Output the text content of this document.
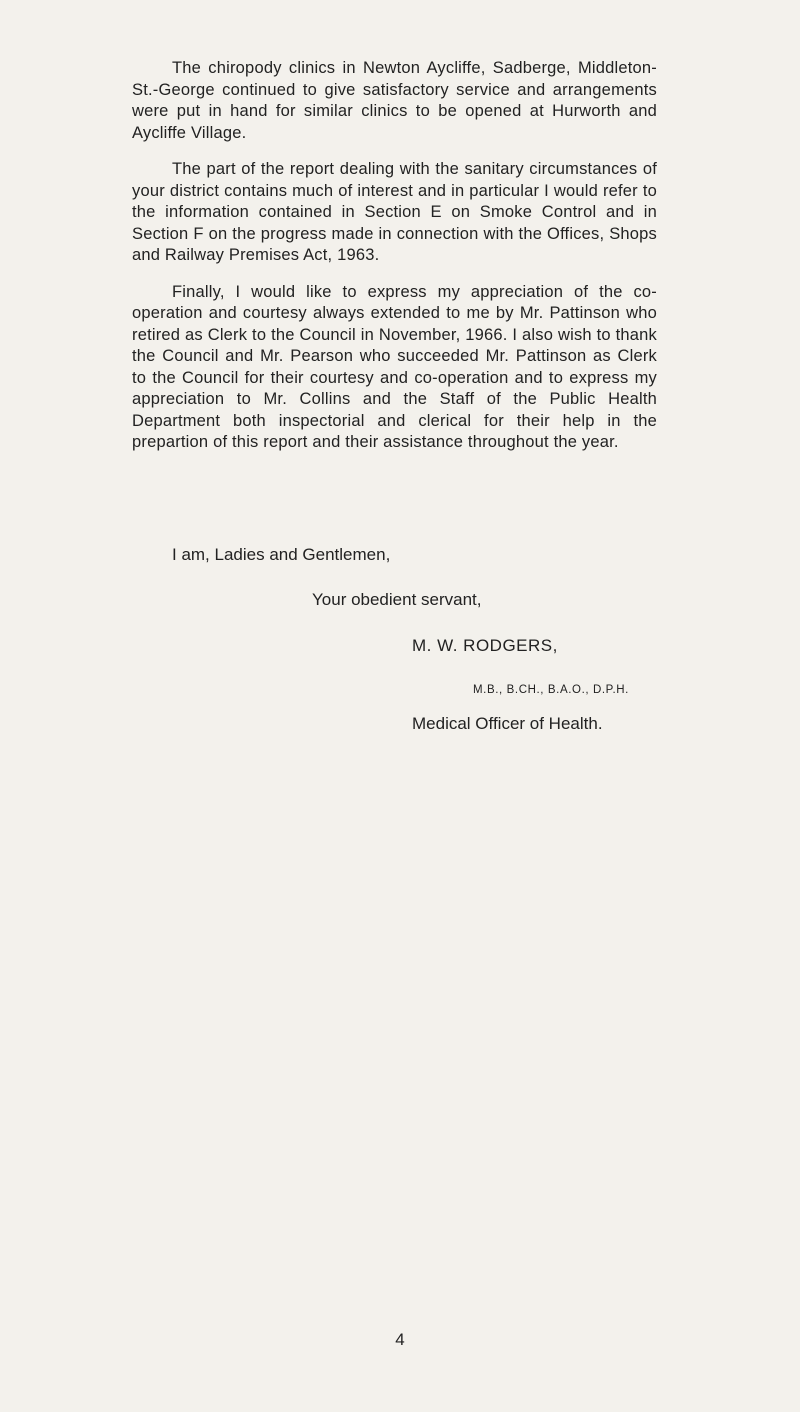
The chiropody clinics in Newton Aycliffe, Sadberge, Middleton-St.-George continued to give satisfactory service and arrangements were put in hand for similar clinics to be opened at Hurworth and Aycliffe Village.

The part of the report dealing with the sanitary circumstances of your district contains much of interest and in particular I would refer to the information contained in Section E on Smoke Control and in Section F on the progress made in connection with the Offices, Shops and Railway Premises Act, 1963.

Finally, I would like to express my appreciation of the co-operation and courtesy always extended to me by Mr. Pattinson who retired as Clerk to the Council in November, 1966. I also wish to thank the Council and Mr. Pearson who succeeded Mr. Pattinson as Clerk to the Council for their courtesy and co-operation and to express my appreciation to Mr. Collins and the Staff of the Public Health Department both inspectorial and clerical for their help in the prepartion of this report and their assistance throughout the year.

I am, Ladies and Gentlemen,
Your obedient servant,
M. W. RODGERS,
M.B., B.CH., B.A.O., D.P.H.
Medical Officer of Health.
4
